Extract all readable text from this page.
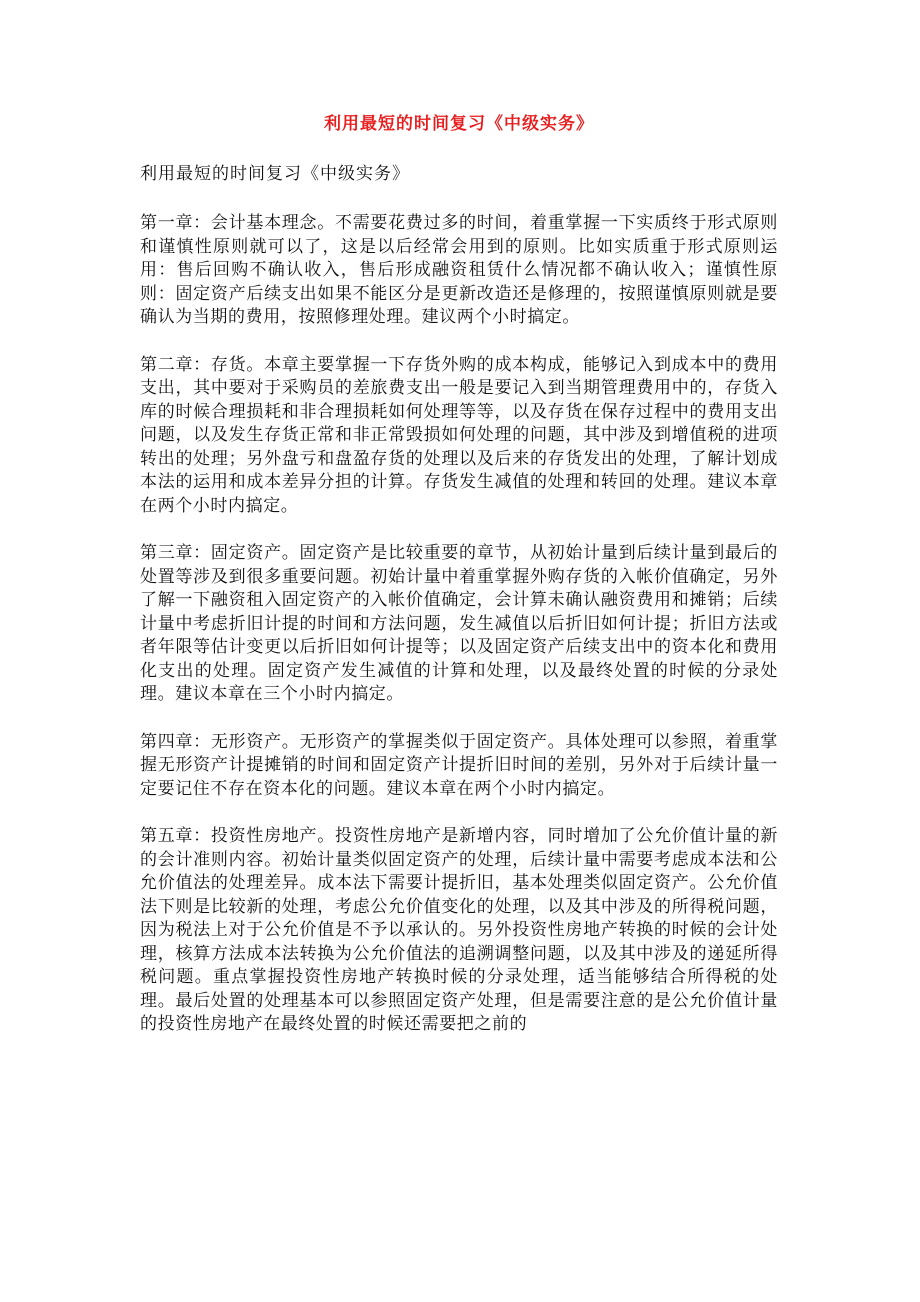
利用最短的时间复习《中级实务》

利用最短的时间复习《中级实务》

第一章：会计基本理念。不需要花费过多的时间，着重掌握一下实质终于形式原则和谨慎性原则就可以了，这是以后经常会用到的原则。比如实质重于形式原则运用：售后回购不确认收入，售后形成融资租赁什么情况都不确认收入；谨慎性原则：固定资产后续支出如果不能区分是更新改造还是修理的，按照谨慎原则就是要确认为当期的费用，按照修理处理。建议两个小时搞定。

第二章：存货。本章主要掌握一下存货外购的成本构成，能够记入到成本中的费用支出，其中要对于采购员的差旅费支出一般是要记入到当期管理费用中的，存货入库的时候合理损耗和非合理损耗如何处理等等，以及存货在保存过程中的费用支出问题，以及发生存货正常和非正常毁损如何处理的问题，其中涉及到增值税的进项转出的处理；另外盘亏和盘盈存货的处理以及后来的存货发出的处理，了解计划成本法的运用和成本差异分担的计算。存货发生减值的处理和转回的处理。建议本章在两个小时内搞定。

第三章：固定资产。固定资产是比较重要的章节，从初始计量到后续计量到最后的处置等涉及到很多重要问题。初始计量中着重掌握外购存货的入帐价值确定，另外了解一下融资租入固定资产的入帐价值确定，会计算未确认融资费用和摊销；后续计量中考虑折旧计提的时间和方法问题，发生减值以后折旧如何计提；折旧方法或者年限等估计变更以后折旧如何计提等；以及固定资产后续支出中的资本化和费用化支出的处理。固定资产发生减值的计算和处理，以及最终处置的时候的分录处理。建议本章在三个小时内搞定。

第四章：无形资产。无形资产的掌握类似于固定资产。具体处理可以参照，着重掌握无形资产计提摊销的时间和固定资产计提折旧时间的差别，另外对于后续计量一定要记住不存在资本化的问题。建议本章在两个小时内搞定。

第五章：投资性房地产。投资性房地产是新增内容，同时增加了公允价值计量的新的会计准则内容。初始计量类似固定资产的处理，后续计量中需要考虑成本法和公允价值法的处理差异。成本法下需要计提折旧，基本处理类似固定资产。公允价值法下则是比较新的处理，考虑公允价值变化的处理，以及其中涉及的所得税问题，因为税法上对于公允价值是不予以承认的。另外投资性房地产转换的时候的会计处理，核算方法成本法转换为公允价值法的追溯调整问题，以及其中涉及的递延所得税问题。重点掌握投资性房地产转换时候的分录处理，适当能够结合所得税的处理。最后处置的处理基本可以参照固定资产处理，但是需要注意的是公允价值计量的投资性房地产在最终处置的时候还需要把之前的
